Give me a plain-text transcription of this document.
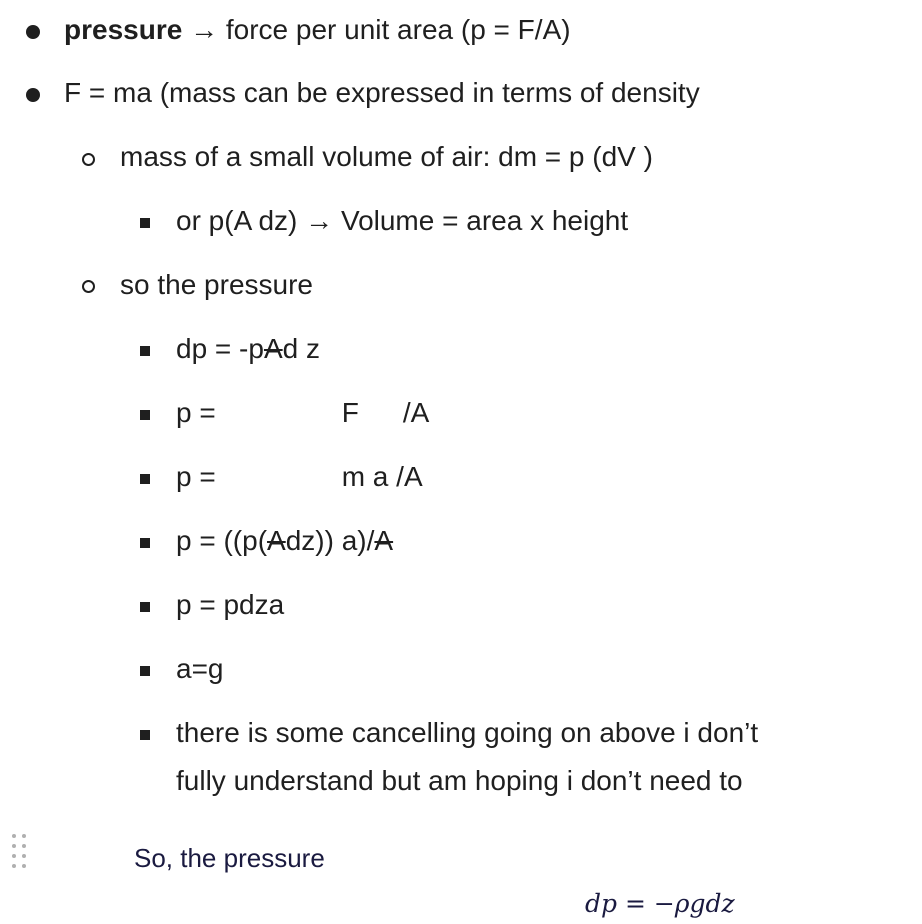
pressure → force per unit area (p = F/A)
F = ma (mass can be expressed in terms of density
mass of a small volume of air: dm = p (dV )
or p(A dz) → Volume = area x height
so the pressure
dp = -pAd z
p =	F /A
p =	m a /A
p = ((p(Adz)) a)/A
p = pdza
a=g
there is some cancelling going on above i don’t
fully understand but am hoping i don’t need to
So, the pressure
dp = −ρgdz
